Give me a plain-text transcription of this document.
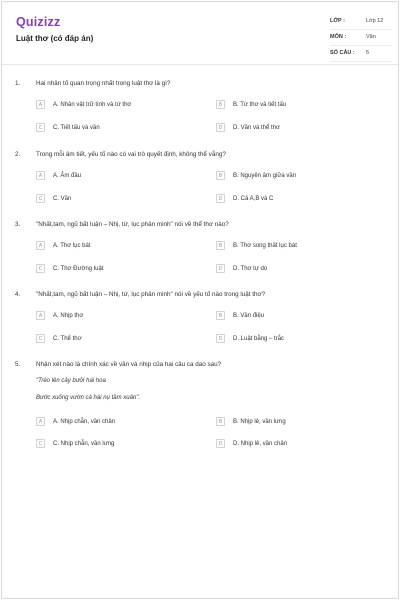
Quizizz
Luật thơ (có đáp án)
LỚP :	Lớp 12
MÔN :	Văn
SỐ CÂU : 5
1. Hai nhân tố quan trọng nhất trong luật thơ là gì?
A	A. Nhân vật trữ tình và tứ thơ	B	B. Tứ thơ và tiết tấu
C	C. Tiết tấu và vần	D	D. Vần và thể thơ
2. Trong mỗi âm tiết, yếu tố nào có vai trò quyết định, không thể vắng?
A	A. Âm đầu	B	B. Nguyên âm giữa vần
C	C. Vần	D	D. Cả A,B và C
3. "Nhất,tam, ngũ bất luận – Nhị, tứ, lục phân minh" nói về thể thơ nào?
A	A. Thơ lục bát	B	B. Thơ song thất lục bát
C	C. Thơ Đường luật	D	D. Thơ tự do
4. "Nhất,tam, ngũ bất luận – Nhị, tứ, lục phân minh" nói về yếu tố nào trong luật thơ?
A	A. Nhịp thơ	B	B. Vần điệu
C	C. Thể thơ	D	D. Luật bằng – trắc
5. Nhận xét nào là chính xác về vần và nhịp của hai câu ca dao sau?
"Trèo lên cây bưởi hái hoa
Bước xuống vườn cà hái nụ tầm xuân".
A	A. Nhịp chẵn, vần chân	B	B. Nhịp lẻ, vần lưng
C	C. Nhịp chẵn, vần lưng	D	D. Nhịp lẻ, vần chân
